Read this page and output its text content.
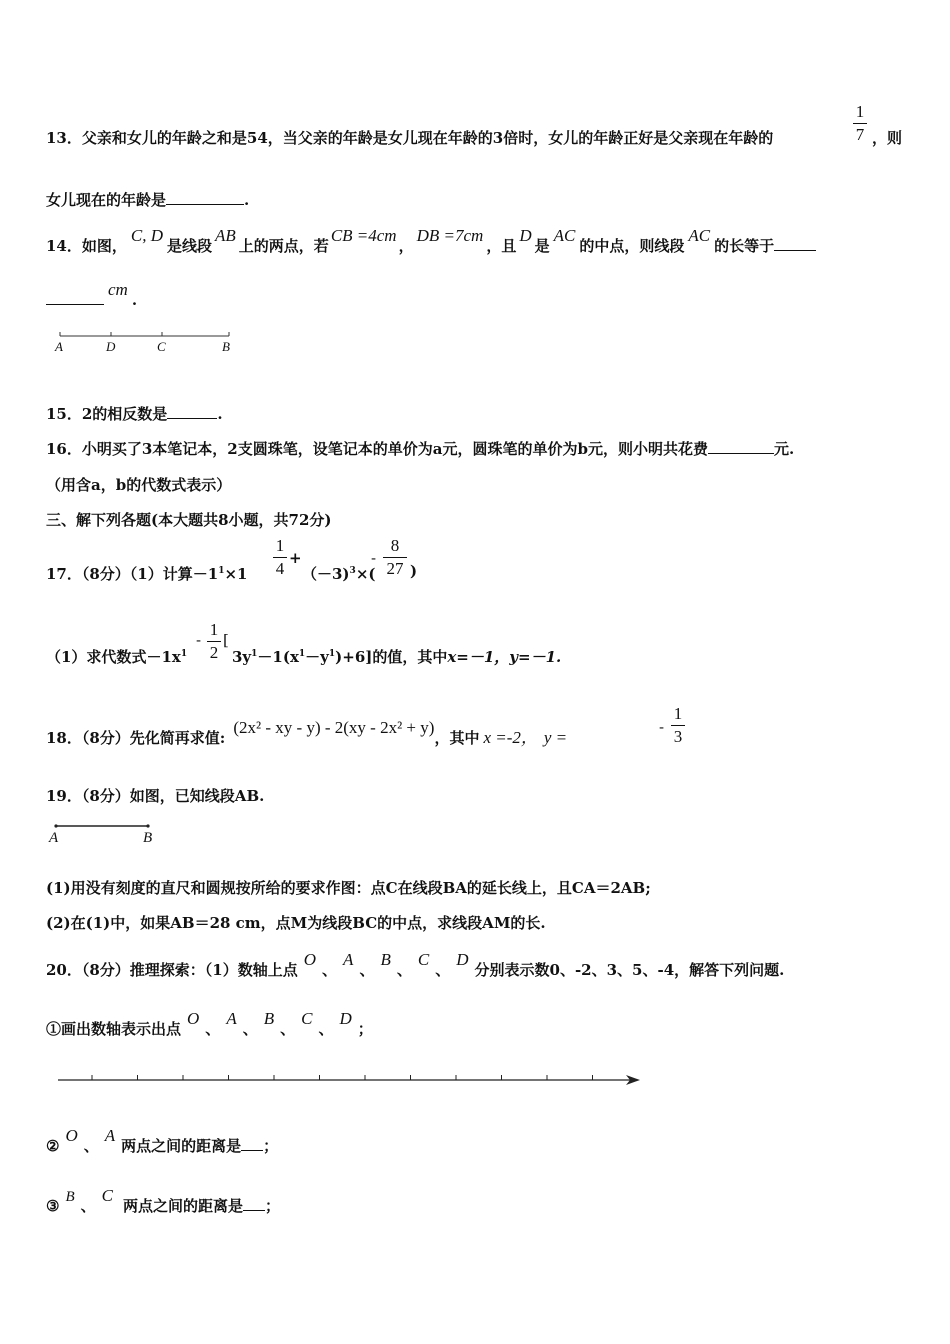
13．父亲和女儿的年龄之和是54，当父亲的年龄是女儿现在年龄的3倍时，女儿的年龄正好是父亲现在年龄的
1
7 ，则
女儿现在的年龄是	.
14．如图，C, D是线段AB上的两点，若CB =4cm，DB =7cm，且D是AC的中点，则线段AC的长等于
cm.
A	D	C	B
15．2的相反数是	.
16．小明买了3本笔记本，2支圆珠笔，设笔记本的单价为a元，圆珠笔的单价为b元，则小明共花费	元.
（用含a，b的代数式表示）
三、解下列各题(本大题共8小题，共72分)
17．（8分）（1）计算$-1^1\times 1$
1
4
+
（－3)$^3$×(
-
8
27 )
（1）求代数式$-1x^1$
-
1
2
[
$3y^1-1(x^1-y^1)+6$]的值，其中x=－1，y=－1.
18．（8分）先化简再求值:(2x² - xy - y) - 2(xy - 2x² + y)，其中 x =-2， y =
-
1
3
19．（8分）如图，已知线段AB.
A	B
(1)用没有刻度的直尺和圆规按所给的要求作图：点C在线段BA的延长线上，且CA＝2AB;
(2)在(1)中，如果AB＝28 cm，点M为线段BC的中点，求线段AM的长.
20．（8分）推理探索：（1）数轴上点O、A、B、C、D分别表示数0、-2、3、5、-4，解答下列问题.
①画出数轴表示出点O、A、B、C、D；
②O、A两点之间的距离是 ；
③ B 、C两点之间的距离是 ；
